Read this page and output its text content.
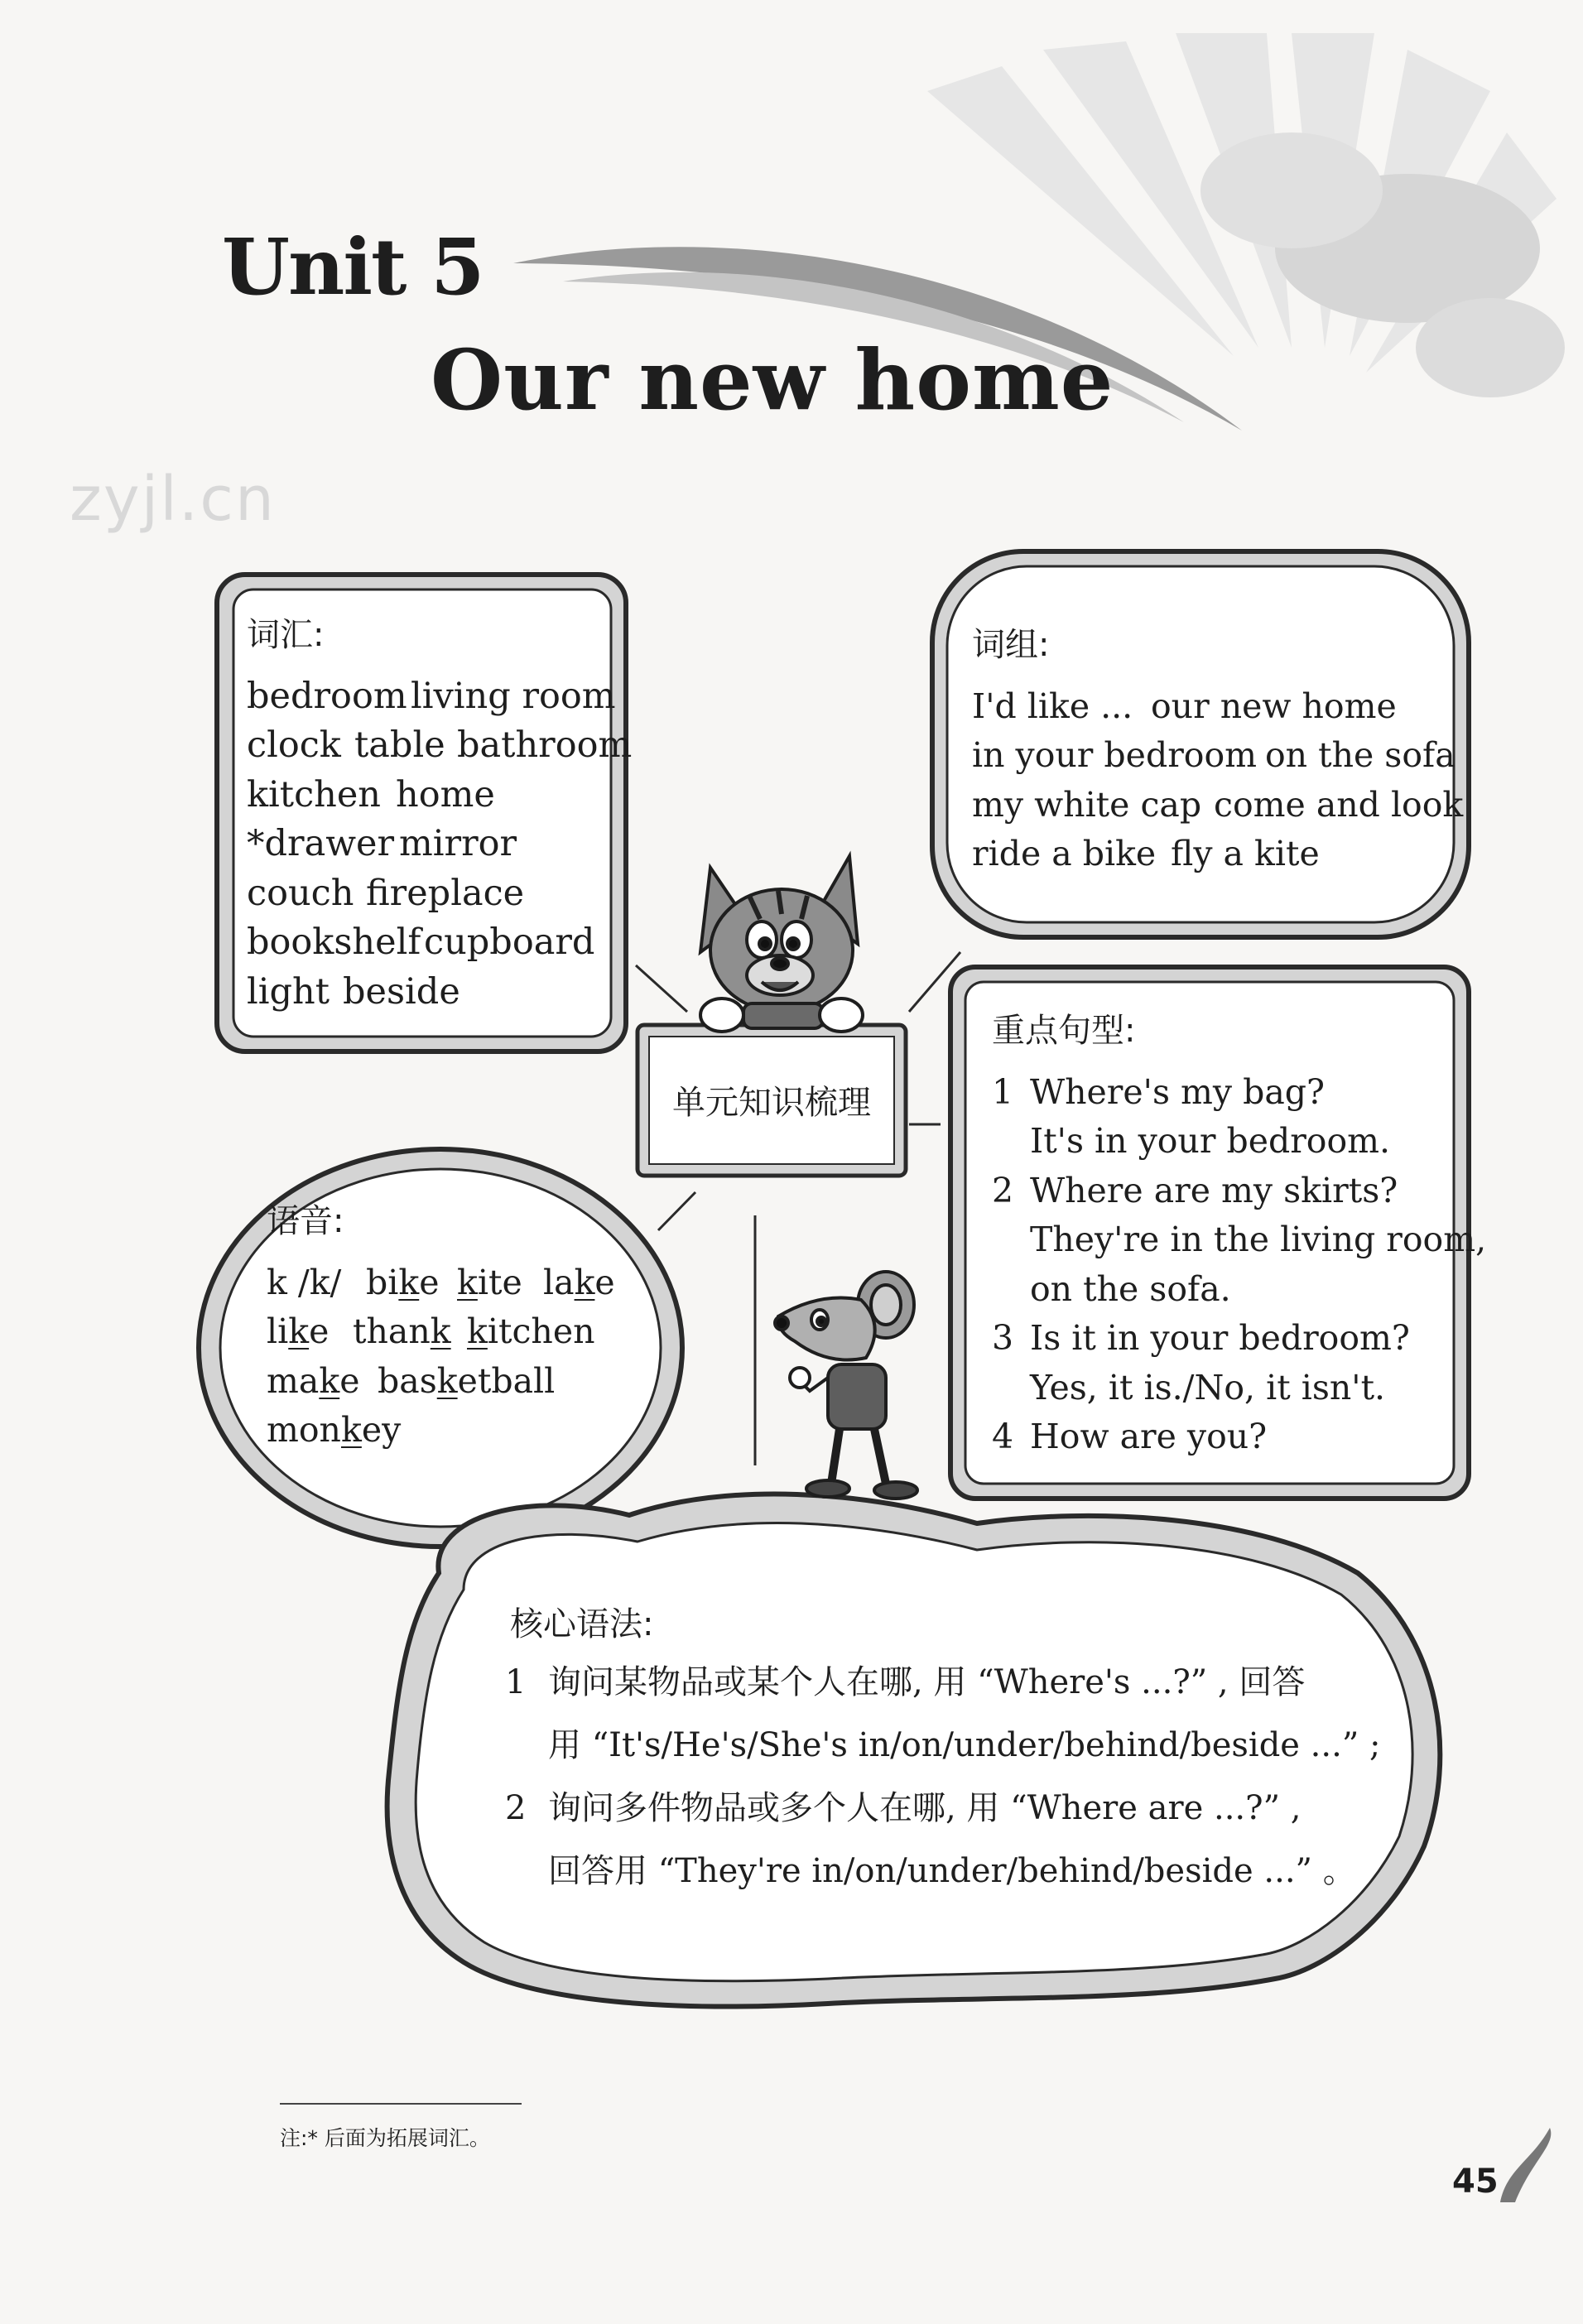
Unit 5
Our new home
zyjl.cn
词汇:
bedroom living room
clock table bathroom
kitchen home
*drawer mirror
couch fireplace
bookshelf cupboard
light beside
词组:
I'd like ... our new home
in your bedroom on the sofa
my white cap come and look
ride a bike fly a kite
重点句型:
1 Where's my bag?
It's in your bedroom.
2 Where are my skirts?
They're in the living room,
on the sofa.
3 Is it in your bedroom?
Yes, it is./No, it isn't.
4 How are you?
单元知识梳理
语音:
k /k/ bike kite lake
like thank kitchen
make basketball
monkey
核心语法:
1 询问某物品或某个人在哪, 用 “Where's ...?” , 回答
用 “It's/He's/She's in/on/under/behind/beside ...” ;
2 询问多件物品或多个人在哪, 用 “Where are ...?” ,
回答用 “They're in/on/under/behind/beside ...” 。
注:* 后面为拓展词汇。
45
